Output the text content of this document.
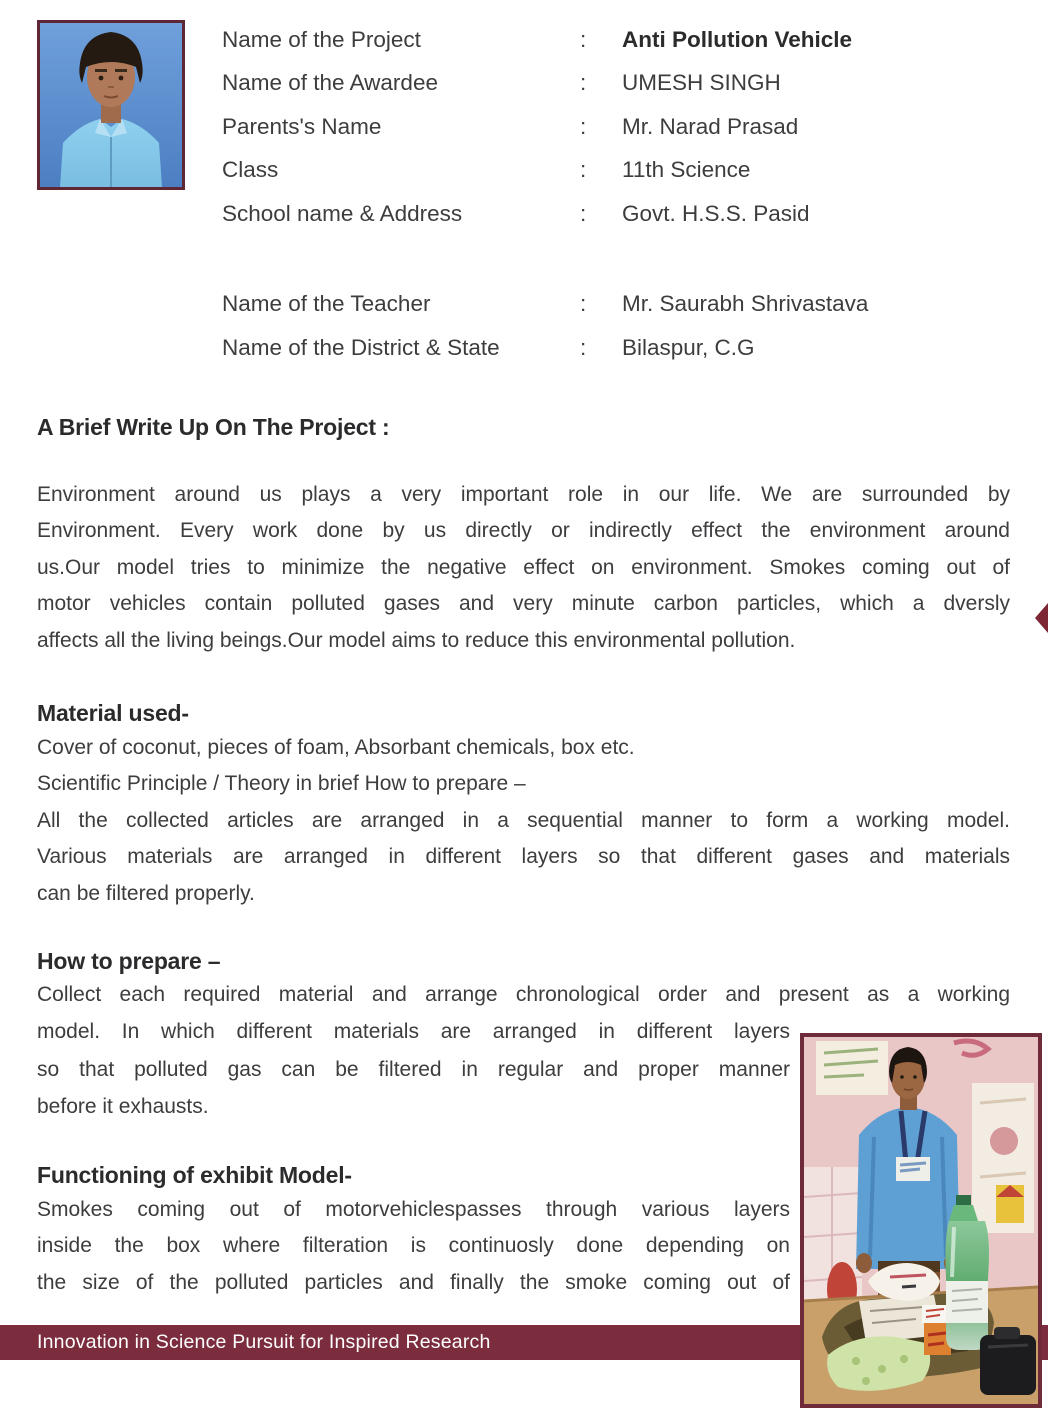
Name of the Project	:	Anti Pollution Vehicle
Name of the Awardee	:	UMESH SINGH
Parents's Name	:	Mr. Narad Prasad
Class	:	11th Science
School name & Address	:	Govt. H.S.S. Pasid
Name of the Teacher	:	Mr. Saurabh Shrivastava
Name of the District & State	:	Bilaspur, C.G
A Brief Write Up On The Project :
Environment around us plays a very important role in our life. We are surrounded by
Environment. Every work done by us directly or indirectly effect the environment around
us.Our model tries to minimize the negative effect on environment. Smokes coming out of
motor vehicles contain polluted gases and very minute carbon particles, which a dversly
affects all the living beings.Our model aims to reduce this environmental pollution.
Material used-
Cover of coconut, pieces of foam, Absorbant chemicals, box etc.
Scientific Principle / Theory in brief How to prepare –
All the collected articles are arranged in a sequential manner to form a working model.
Various materials are arranged in different layers so that different gases and materials
can be filtered properly.
How to prepare –
Collect each required material and arrange chronological order and present as a working
model. In which different materials are arranged in different layers
so that polluted gas can be filtered in regular and proper manner
before it exhausts.
Functioning of exhibit Model-
Smokes coming out of motorvehiclespasses through various layers
inside the box where filteration is continuosly done depending on
the size of the polluted particles and finally the smoke coming out of
Innovation in Science Pursuit for Inspired Research
